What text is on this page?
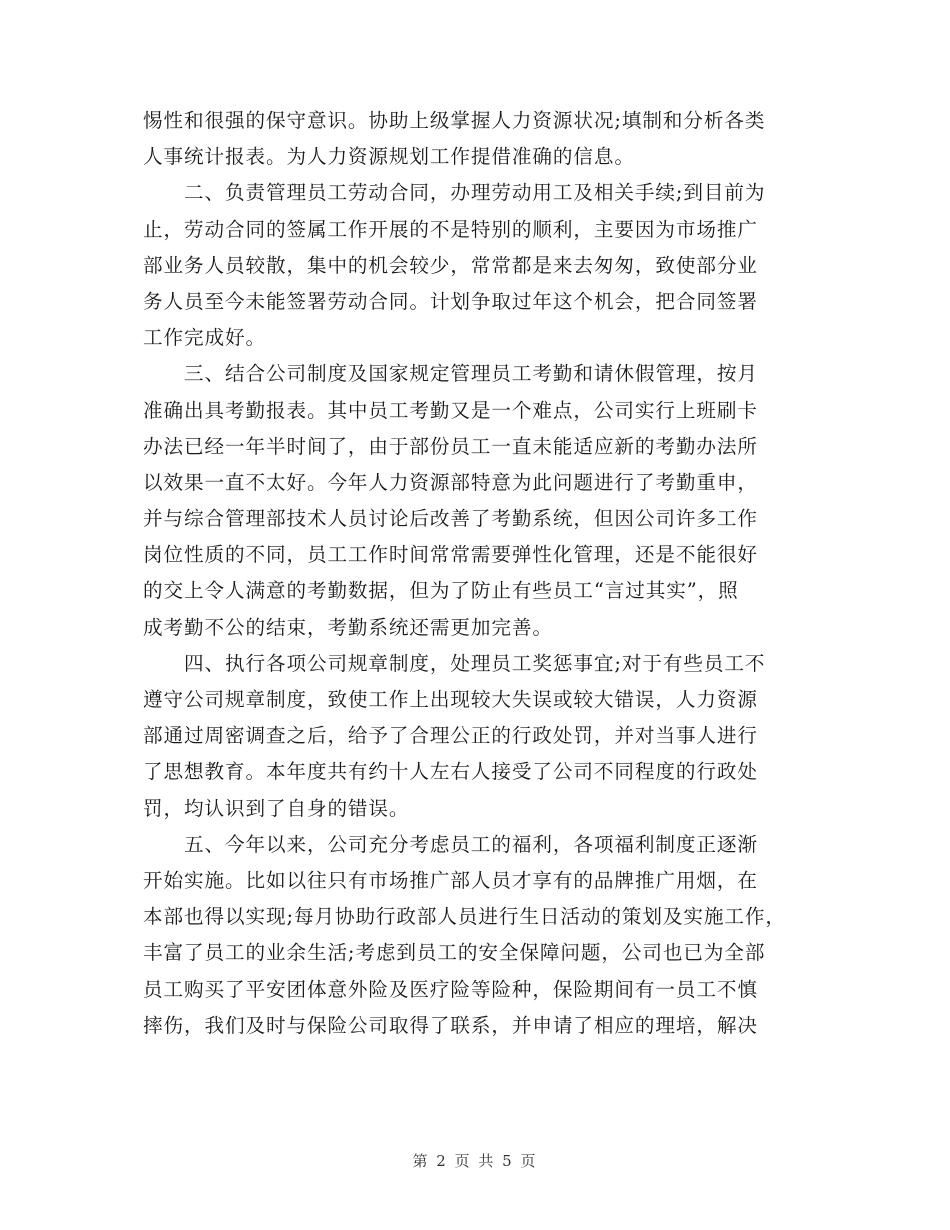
惕性和很强的保守意识。协助上级掌握人力资源状况;填制和分析各类
人事统计报表。为人力资源规划工作提借准确的信息。
　　二、负责管理员工劳动合同，办理劳动用工及相关手续;到目前为
止，劳动合同的签属工作开展的不是特别的顺利，主要因为市场推广
部业务人员较散，集中的机会较少，常常都是来去匆匆，致使部分业
务人员至今未能签署劳动合同。计划争取过年这个机会，把合同签署
工作完成好。
　　三、结合公司制度及国家规定管理员工考勤和请休假管理，按月
准确出具考勤报表。其中员工考勤又是一个难点，公司实行上班刷卡
办法已经一年半时间了，由于部份员工一直未能适应新的考勤办法所
以效果一直不太好。今年人力资源部特意为此问题进行了考勤重申，
并与综合管理部技术人员讨论后改善了考勤系统，但因公司许多工作
岗位性质的不同，员工工作时间常常需要弹性化管理，还是不能很好
的交上令人满意的考勤数据，但为了防止有些员工“言过其实”，照
成考勤不公的结束，考勤系统还需更加完善。
　　四、执行各项公司规章制度，处理员工奖惩事宜;对于有些员工不
遵守公司规章制度，致使工作上出现较大失误或较大错误，人力资源
部通过周密调查之后，给予了合理公正的行政处罚，并对当事人进行
了思想教育。本年度共有约十人左右人接受了公司不同程度的行政处
罚，均认识到了自身的错误。
　　五、今年以来，公司充分考虑员工的福利，各项福利制度正逐渐
开始实施。比如以往只有市场推广部人员才享有的品牌推广用烟，在
本部也得以实现;每月协助行政部人员进行生日活动的策划及实施工作，
丰富了员工的业余生活;考虑到员工的安全保障问题，公司也已为全部
员工购买了平安团体意外险及医疗险等险种，保险期间有一员工不慎
摔伤，我们及时与保险公司取得了联系，并申请了相应的理培，解决
第 2 页 共 5 页
